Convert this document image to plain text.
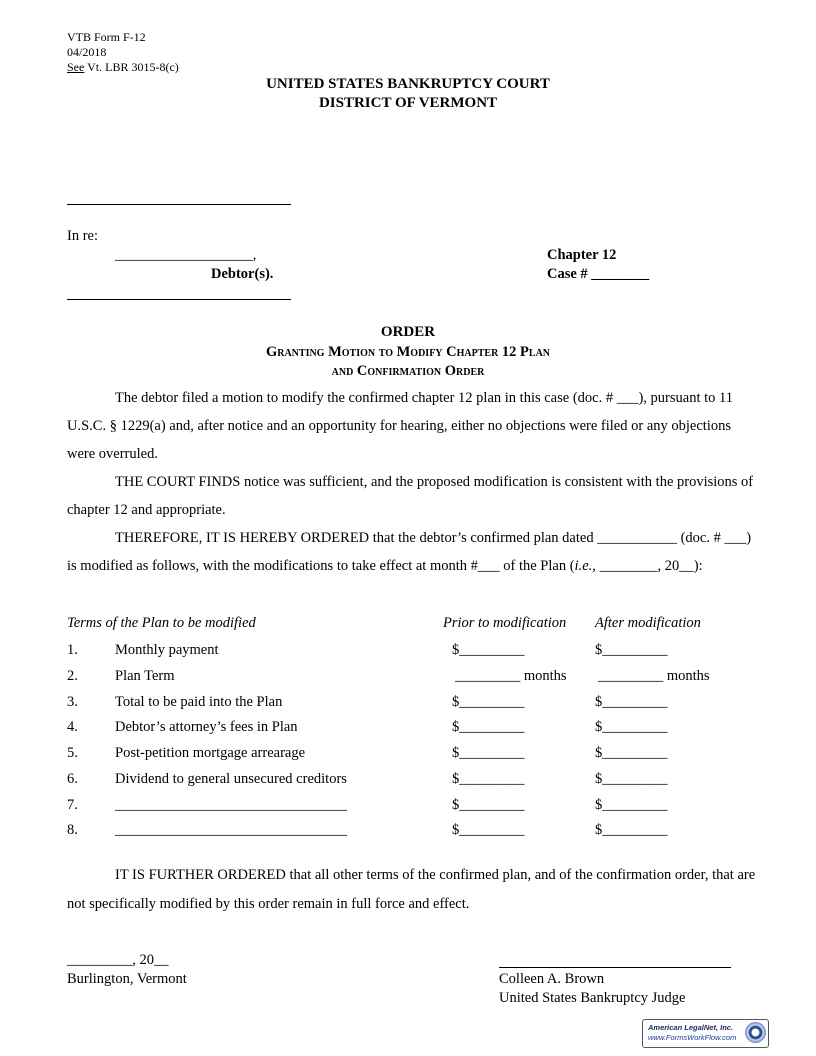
VTB Form F-12
04/2018
See Vt. LBR 3015-8(c)
UNITED STATES BANKRUPTCY COURT
DISTRICT OF VERMONT
In re:
___________________,
Debtor(s).
Chapter 12
Case # ________
ORDER
Granting Motion to Modify Chapter 12 Plan
and Confirmation Order
The debtor filed a motion to modify the confirmed chapter 12 plan in this case (doc. # ___), pursuant to 11 U.S.C. § 1229(a) and, after notice and an opportunity for hearing, either no objections were filed or any objections were overruled.
THE COURT FINDS notice was sufficient, and the proposed modification is consistent with the provisions of chapter 12 and appropriate.
THEREFORE, IT IS HEREBY ORDERED that the debtor’s confirmed plan dated ___________ (doc. # ___) is modified as follows, with the modifications to take effect at month #___ of the Plan (i.e., ________, 20__):
Terms of the Plan to be modified	Prior to modification After modification
1.	Monthly payment	$_________	$_________
2.	Plan Term	_________ months _________ months
3.	Total to be paid into the Plan	$_________	$_________
4.	Debtor’s attorney’s fees in Plan	$_________	$_________
5.	Post-petition mortgage arrearage	$_________	$_________
6.	Dividend to general unsecured creditors	$_________	$_________
7.	________________________________	$_________	$_________
8.	________________________________	$_________	$_________
IT IS FURTHER ORDERED that all other terms of the confirmed plan, and of the confirmation order, that are not specifically modified by this order remain in full force and effect.
_________, 20__
Burlington, Vermont	Colleen A. Brown
United States Bankruptcy Judge
American LegalNet, Inc.
www.FormsWorkFlow.com
